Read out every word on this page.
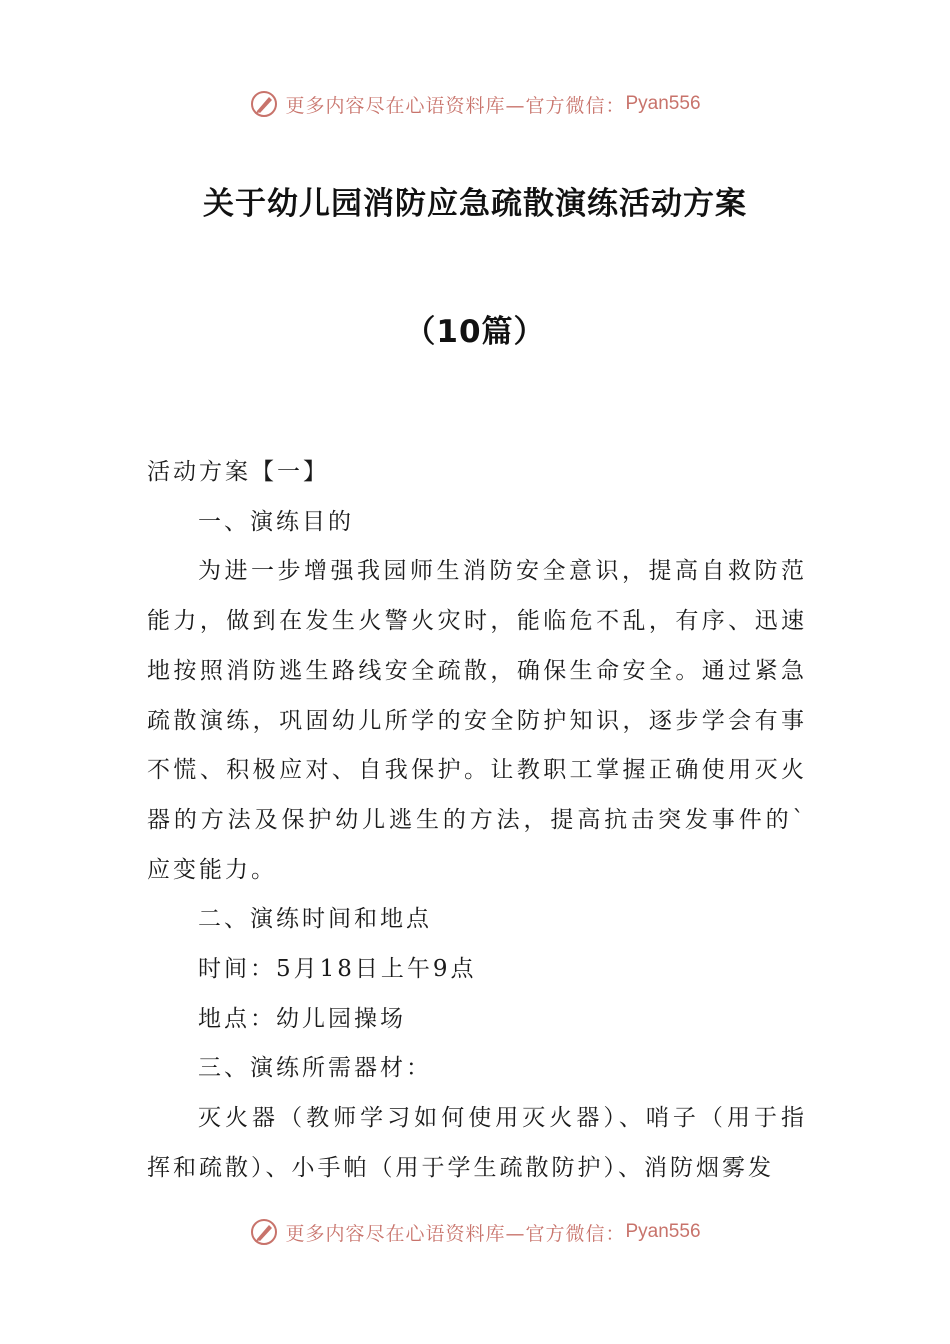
更多内容尽在心语资料库—官方微信： Pyan556
关于幼儿园消防应急疏散演练活动方案
（10篇）

活动方案【一】

一、演练目的

为进一步增强我园师生消防安全意识，提高自救防范能力，做到在发生火警火灾时，能临危不乱，有序、迅速地按照消防逃生路线安全疏散，确保生命安全。通过紧急疏散演练，巩固幼儿所学的安全防护知识，逐步学会有事不慌、积极应对、自我保护。让教职工掌握正确使用灭火器的方法及保护幼儿逃生的方法，提高抗击突发事件的`应变能力。

二、演练时间和地点

时间：5月18日上午9点

地点：幼儿园操场

三、演练所需器材：

灭火器（教师学习如何使用灭火器）、哨子（用于指挥和疏散）、小手帕（用于学生疏散防护）、消防烟雾发

更多内容尽在心语资料库—官方微信： Pyan556
